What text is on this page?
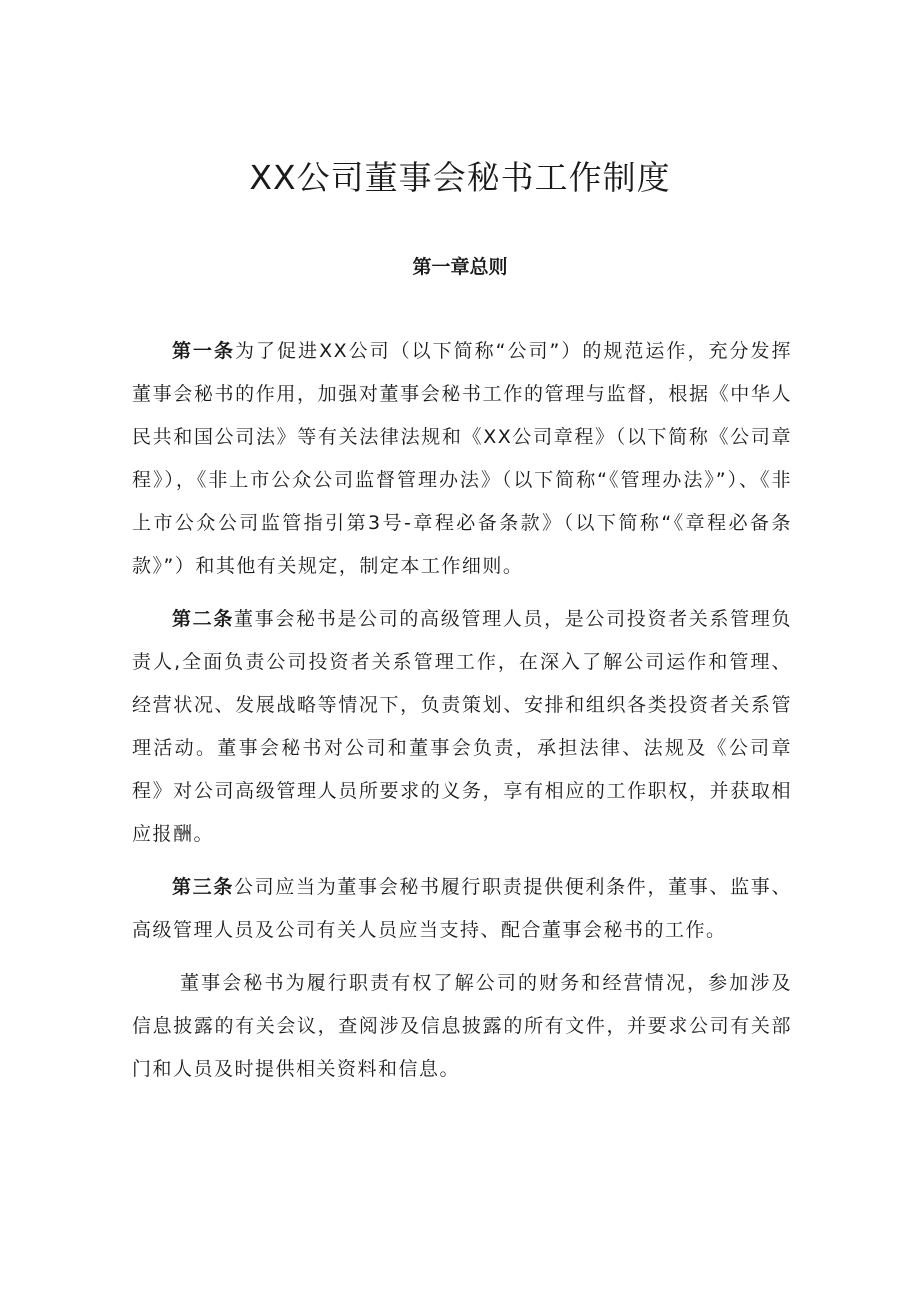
XX公司董事会秘书工作制度
第一章总则

第一条为了促进XX公司（以下简称“公司”）的规范运作，充分发挥董事会秘书的作用，加强对董事会秘书工作的管理与监督，根据《中华人民共和国公司法》等有关法律法规和《XX公司章程》（以下简称《公司章程》），《非上市公众公司监督管理办法》（以下简称“《管理办法》”）、《非上市公众公司监管指引第3号-章程必备条款》（以下简称“《章程必备条款》”）和其他有关规定，制定本工作细则。

第二条董事会秘书是公司的高级管理人员，是公司投资者关系管理负责人,全面负责公司投资者关系管理工作，在深入了解公司运作和管理、经营状况、发展战略等情况下，负责策划、安排和组织各类投资者关系管理活动。董事会秘书对公司和董事会负责，承担法律、法规及《公司章程》对公司高级管理人员所要求的义务，享有相应的工作职权，并获取相应报酬。

第三条公司应当为董事会秘书履行职责提供便利条件，董事、监事、高级管理人员及公司有关人员应当支持、配合董事会秘书的工作。

董事会秘书为履行职责有权了解公司的财务和经营情况，参加涉及信息披露的有关会议，查阅涉及信息披露的所有文件，并要求公司有关部门和人员及时提供相关资料和信息。
